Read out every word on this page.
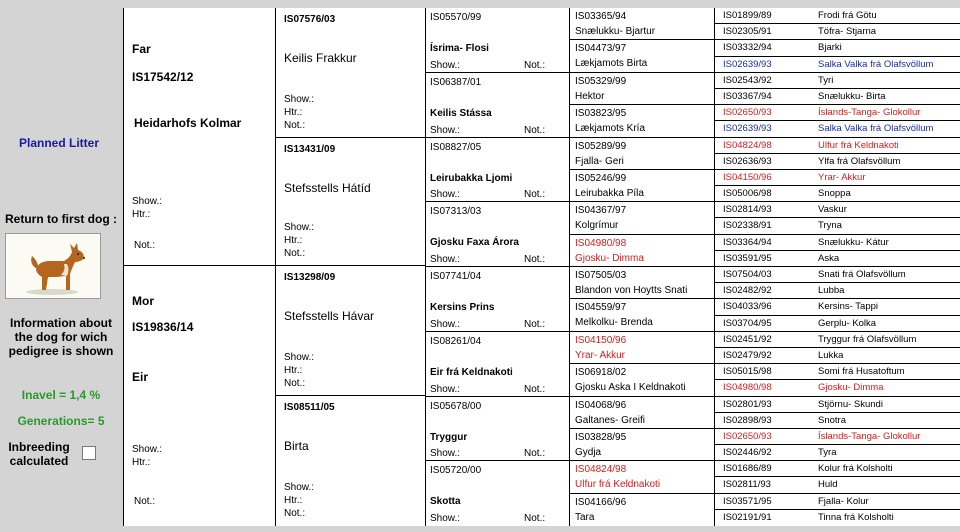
Planned Litter
Return to first dog :
Information about the dog for wich pedigree is shown
Inavel = 1,4 %
Generations= 5
Inbreeding calculated
Far
IS17542/12
Heidarhofs Kolmar
Show.:
Htr.:
Not.:
Mor
IS19836/14
Eir
Show.:
Htr.:
Not.:
IS07576/03
Keilis Frakkur
Show.:
Htr.:
Not.:
IS13431/09
Stefsstells Hátíd
Show.:
Htr.:
Not.:
IS13298/09
Stefsstells Hávar
Show.:
Htr.:
Not.:
IS08511/05
Birta
Show.:
Htr.:
Not.:
IS05570/99
Ísrima- Flosi
Show.:	Not.:
IS06387/01
Keilis Stássa
Show.:	Not.:
IS08827/05
Leirubakka Ljomi
Show.:	Not.:
IS07313/03
Gjosku Faxa Árora
Show.:	Not.:
IS07741/04
Kersins Prins
Show.:	Not.:
IS08261/04
Eir frá Keldnakoti
Show.:	Not.:
IS05678/00
Tryggur
Show.:	Not.:
IS05720/00
Skotta
Show.:	Not.:
IS03365/94
Snælukku- Bjartur
IS04473/97
Lækjamots Birta
IS05329/99
Hektor
IS03823/95
Lækjamots Kría
IS05289/99
Fjalla- Geri
IS05246/99
Leirubakka Píla
IS04367/97
Kolgrímur
IS04980/98
Gjosku- Dimma
IS07505/03
Blandon von Hoytts Snati
IS04559/97
Melkolku- Brenda
IS04150/96
Yrar- Akkur
IS06918/02
Gjosku Aska I Keldnakoti
IS04068/96
Galtanes- Greifi
IS03828/95
Gydja
IS04824/98
Ulfur frá Keldnakoti
IS04166/96
Tara
IS01899/89	Frodi frá Götu
IS02305/91	Töfra- Stjarna
IS03332/94	Bjarki
IS02639/93	Salka Valka frá Olafsvöllum
IS02543/92	Tyri
IS03367/94	Snælukku- Birta
IS02650/93	Íslands-Tanga- Glokollur
IS02639/93	Salka Valka frá Olafsvöllum
IS04824/98	Ulfur frá Keldnakoti
IS02636/93	Ylfa frá Olafsvöllum
IS04150/96	Yrar- Akkur
IS05006/98	Snoppa
IS02814/93	Vaskur
IS02338/91	Tryna
IS03364/94	Snælukku- Kátur
IS03591/95	Aska
IS07504/03	Snati frá Olafsvöllum
IS02482/92	Lubba
IS04033/96	Kersins- Tappi
IS03704/95	Gerplu- Kolka
IS02451/92	Tryggur frá Olafsvöllum
IS02479/92	Lukka
IS05015/98	Somi frá Husatoftum
IS04980/98	Gjosku- Dimma
IS02801/93	Stjörnu- Skundi
IS02898/93	Snotra
IS02650/93	Íslands-Tanga- Glokollur
IS02446/92	Tyra
IS01686/89	Kolur frá Kolsholti
IS02811/93	Huld
IS03571/95	Fjalla- Kolur
IS02191/91	Tinna frá Kolsholti
